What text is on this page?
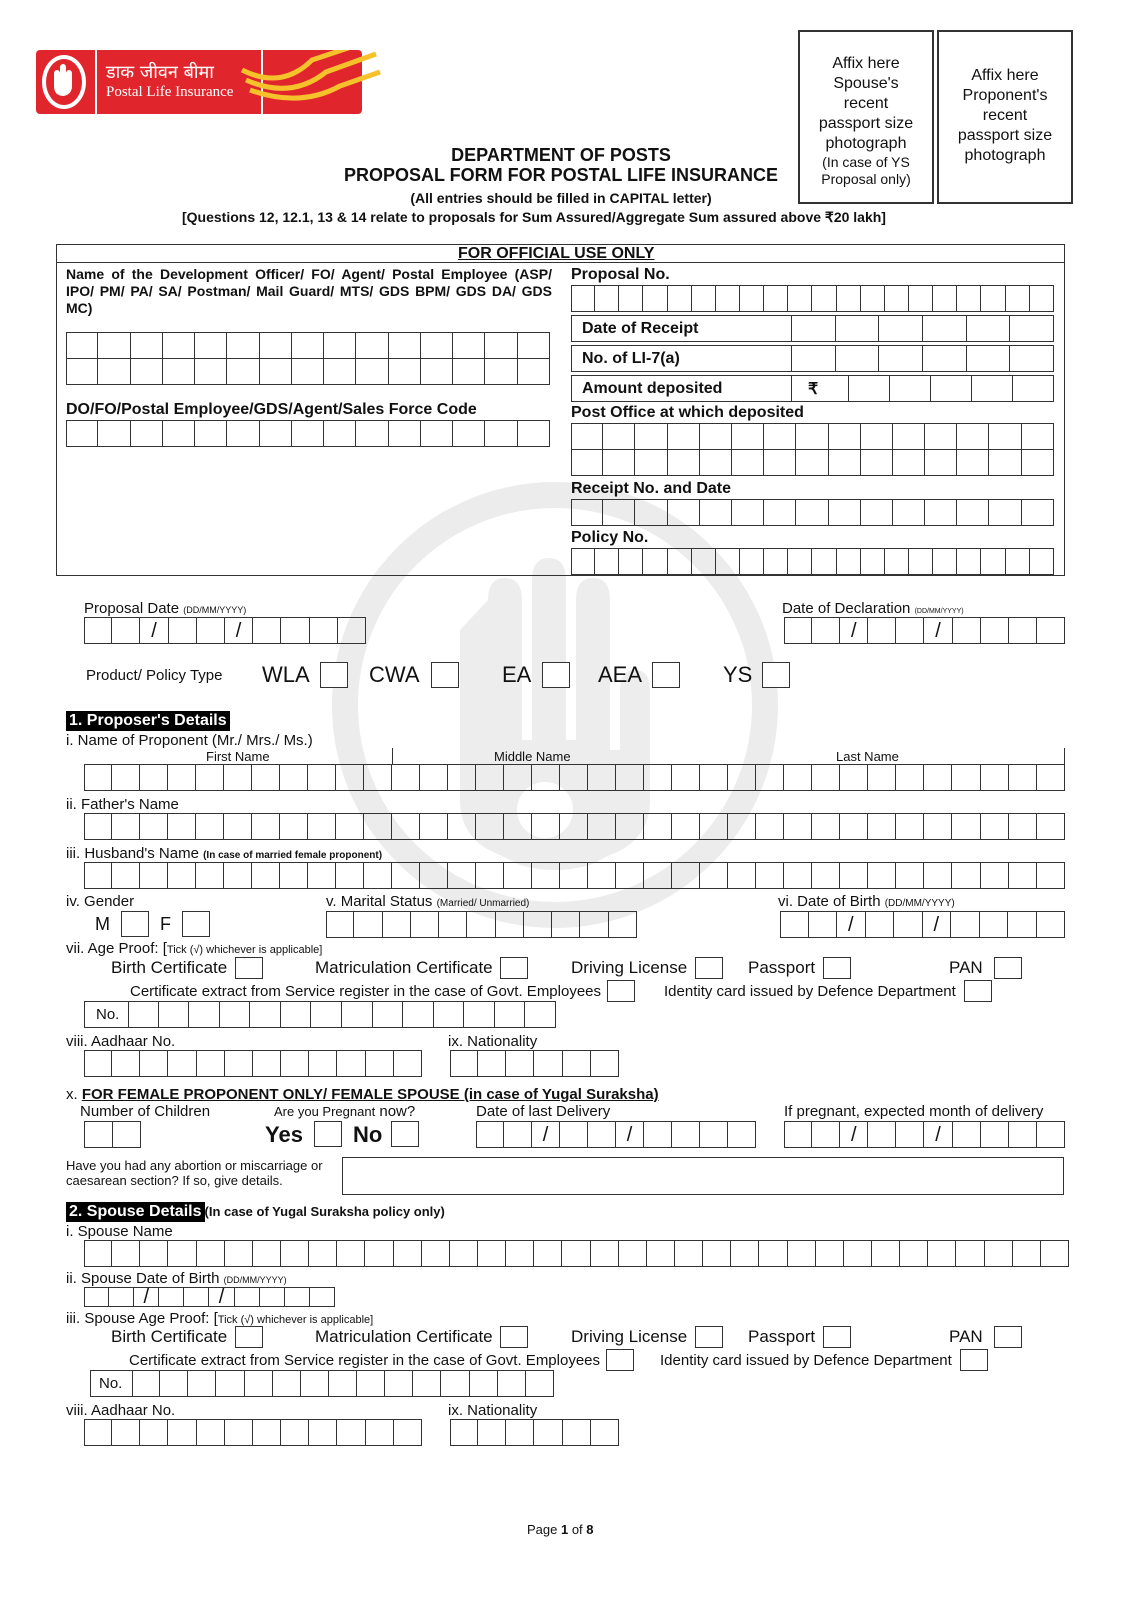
डाक जीवन बीमा
Postal Life Insurance
Affix here
Spouse's
recent
passport size
photograph
(In case of YS
Proposal only)
Affix here
Proponent's
recent
passport size
photograph
DEPARTMENT OF POSTS
PROPOSAL FORM FOR POSTAL LIFE INSURANCE
(All entries should be filled in CAPITAL letter)
[Questions 12, 12.1, 13 & 14 relate to proposals for Sum Assured/Aggregate Sum assured above ₹20 lakh]
FOR OFFICIAL USE ONLY
Name of the Development Officer/ FO/ Agent/ Postal Employee (ASP/ IPO/ PM/ PA/ SA/ Postman/ Mail Guard/ MTS/ GDS BPM/ GDS DA/ GDS MC)
DO/FO/Postal Employee/GDS/Agent/Sales Force Code
Proposal No.
Date of Receipt
No. of LI-7(a)
Amount deposited	₹
Post Office at which deposited
Receipt No. and Date
Policy No.
Proposal Date (DD/MM/YYYY)
/	/
Date of Declaration (DD/MM/YYYY)
/	/
Product/ Policy Type WLA	CWA	EA	AEA	YS
1. Proposer's Details
i. Name of Proponent (Mr./ Mrs./ Ms.)
First Name	Middle Name	Last Name
ii. Father's Name
iii. Husband's Name (In case of married female proponent)
iv. Gender
M	F
v. Marital Status (Married/ Unmarried)	vi. Date of Birth (DD/MM/YYYY)
/	/
vii. Age Proof: [Tick (√) whichever is applicable]
Birth Certificate	Matriculation Certificate	Driving License	Passport	PAN
Certificate extract from Service register in the case of Govt. Employees	Identity card issued by Defence Department
No.
viii. Aadhaar No.	ix. Nationality
x. FOR FEMALE PROPONENT ONLY/ FEMALE SPOUSE (in case of Yugal Suraksha)
Number of Children	Are you Pregnant now?
Yes No
Date of last Delivery
/	/
If pregnant, expected month of delivery
/	/
Have you had any abortion or miscarriage or
caesarean section? If so, give details.
2. Spouse Details (In case of Yugal Suraksha policy only)
i. Spouse Name
ii. Spouse Date of Birth (DD/MM/YYYY)
/	/
iii. Spouse Age Proof: [Tick (√) whichever is applicable]
Birth Certificate	Matriculation Certificate	Driving License	Passport	PAN
Certificate extract from Service register in the case of Govt. Employees	Identity card issued by Defence Department
No.
viii. Aadhaar No.	ix. Nationality
Page 1 of 8
